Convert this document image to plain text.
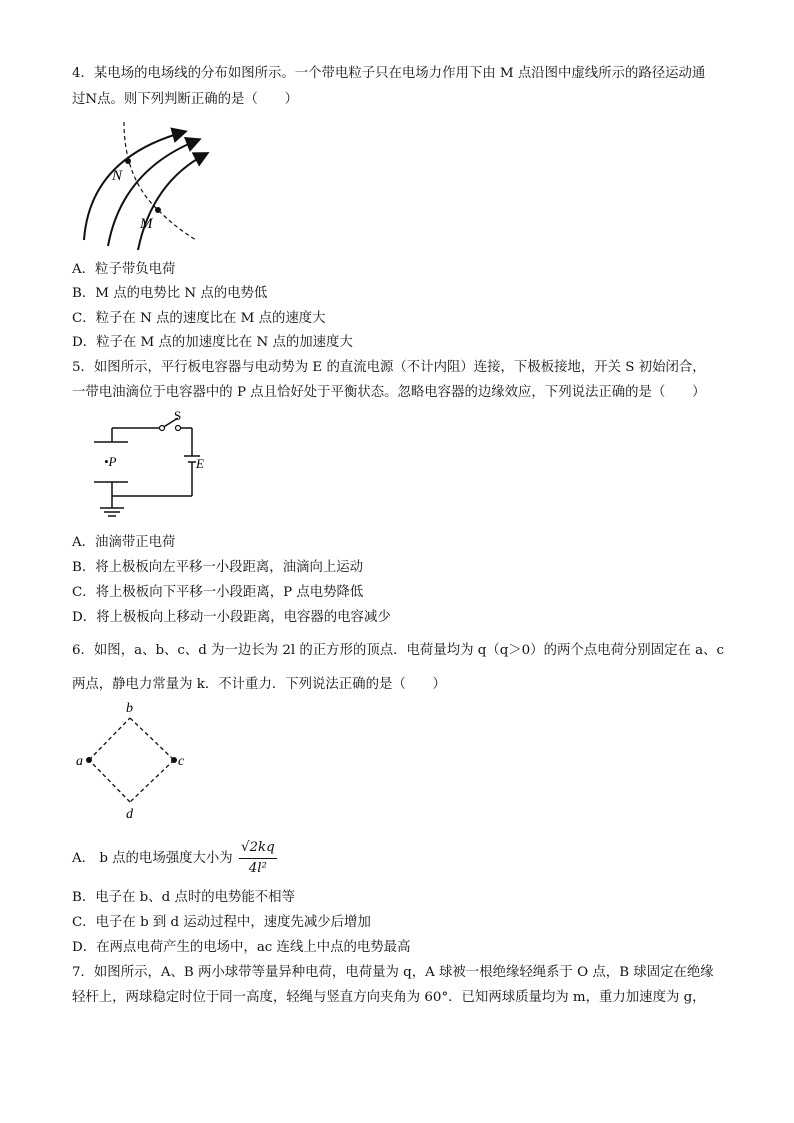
4．某电场的电场线的分布如图所示。一个带电粒子只在电场力作用下由 M 点沿图中虚线所示的路径运动通
过N点。则下列判断正确的是（　　）
N
M
A．粒子带负电荷
B．M 点的电势比 N 点的电势低
C．粒子在 N 点的速度比在 M 点的速度大
D．粒子在 M 点的加速度比在 N 点的加速度大
5．如图所示，平行板电容器与电动势为 E 的直流电源（不计内阻）连接，下极板接地，开关 S 初始闭合，
一带电油滴位于电容器中的 P 点且恰好处于平衡状态。忽略电容器的边缘效应，下列说法正确的是（　　）
S
E
•P
A．油滴带正电荷
B．将上极板向左平移一小段距离，油滴向上运动
C．将上极板向下平移一小段距离，P 点电势降低
D．将上极板向上移动一小段距离，电容器的电容减少
6．如图，a、b、c、d 为一边长为 2l 的正方形的顶点．电荷量均为 q（q＞0）的两个点电荷分别固定在 a、c
两点，静电力常量为 k．不计重力．下列说法正确的是（　　）
b
a	c
d
A． b 点的电场强度大小为 $\frac{√2kq}{\text{4l²}}$
B．电子在 b、d 点时的电势能不相等
C．电子在 b 到 d 运动过程中，速度先减少后增加
D．在两点电荷产生的电场中，ac 连线上中点的电势最高
7．如图所示，A、B 两小球带等量异种电荷，电荷量为 q，A 球被一根绝缘轻绳系于 O 点，B 球固定在绝缘
轻杆上，两球稳定时位于同一高度，轻绳与竖直方向夹角为 60°．已知两球质量均为 m，重力加速度为 g，
